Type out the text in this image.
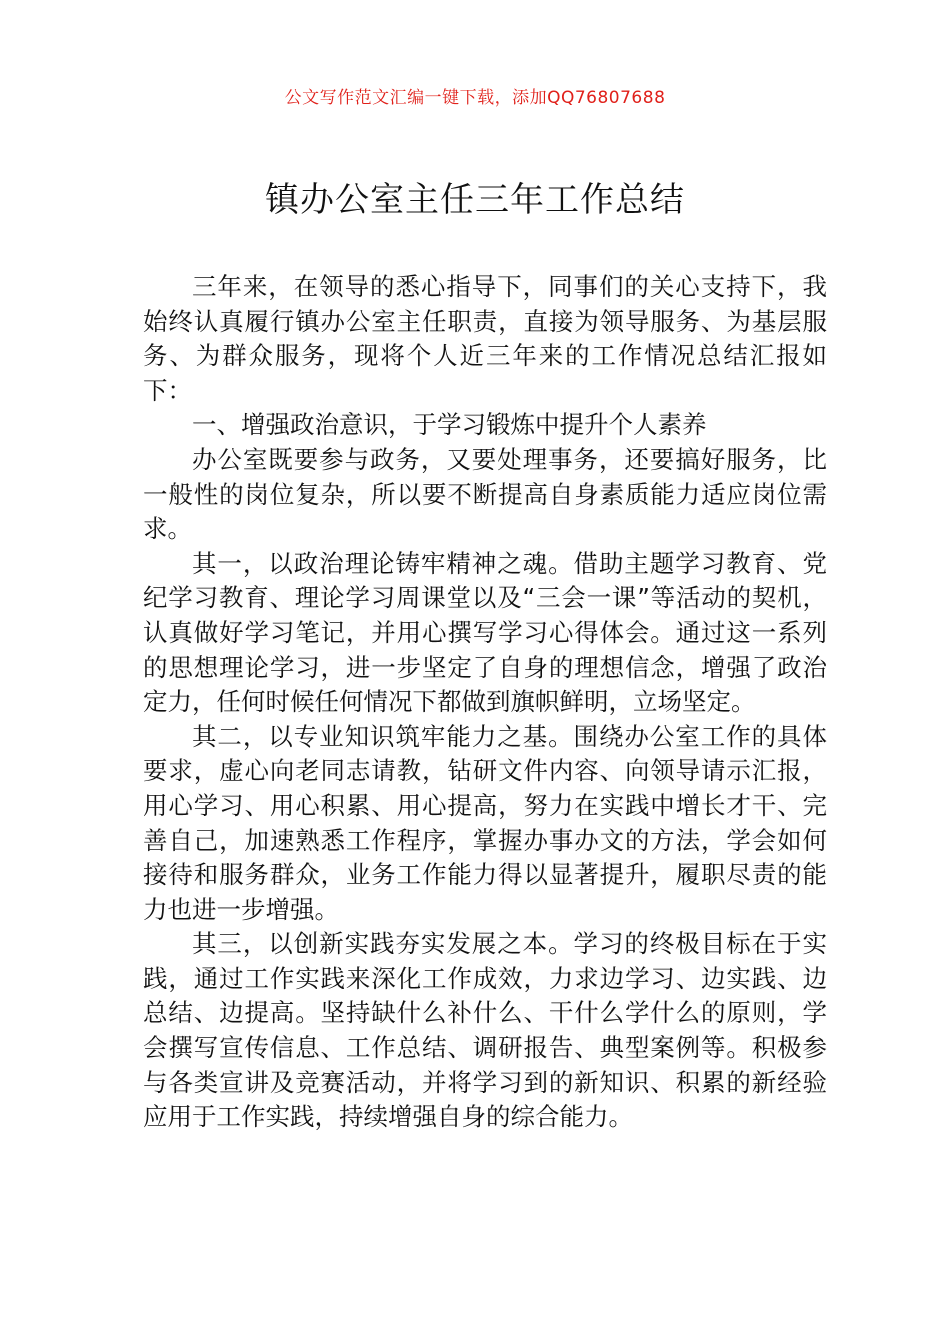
公文写作范文汇编一键下载，添加QQ76807688
镇办公室主任三年工作总结

三年来，在领导的悉心指导下，同事们的关心支持下，我始终认真履行镇办公室主任职责，直接为领导服务、为基层服务、为群众服务，现将个人近三年来的工作情况总结汇报如下：

一、增强政治意识，于学习锻炼中提升个人素养

办公室既要参与政务，又要处理事务，还要搞好服务，比一般性的岗位复杂，所以要不断提高自身素质能力适应岗位需求。

其一，以政治理论铸牢精神之魂。借助主题学习教育、党纪学习教育、理论学习周课堂以及“三会一课”等活动的契机，认真做好学习笔记，并用心撰写学习心得体会。通过这一系列的思想理论学习，进一步坚定了自身的理想信念，增强了政治定力，任何时候任何情况下都做到旗帜鲜明，立场坚定。

其二，以专业知识筑牢能力之基。围绕办公室工作的具体要求，虚心向老同志请教，钻研文件内容、向领导请示汇报，用心学习、用心积累、用心提高，努力在实践中增长才干、完善自己，加速熟悉工作程序，掌握办事办文的方法，学会如何接待和服务群众，业务工作能力得以显著提升，履职尽责的能力也进一步增强。

其三，以创新实践夯实发展之本。学习的终极目标在于实践，通过工作实践来深化工作成效，力求边学习、边实践、边总结、边提高。坚持缺什么补什么、干什么学什么的原则，学会撰写宣传信息、工作总结、调研报告、典型案例等。积极参与各类宣讲及竞赛活动，并将学习到的新知识、积累的新经验应用于工作实践，持续增强自身的综合能力。
